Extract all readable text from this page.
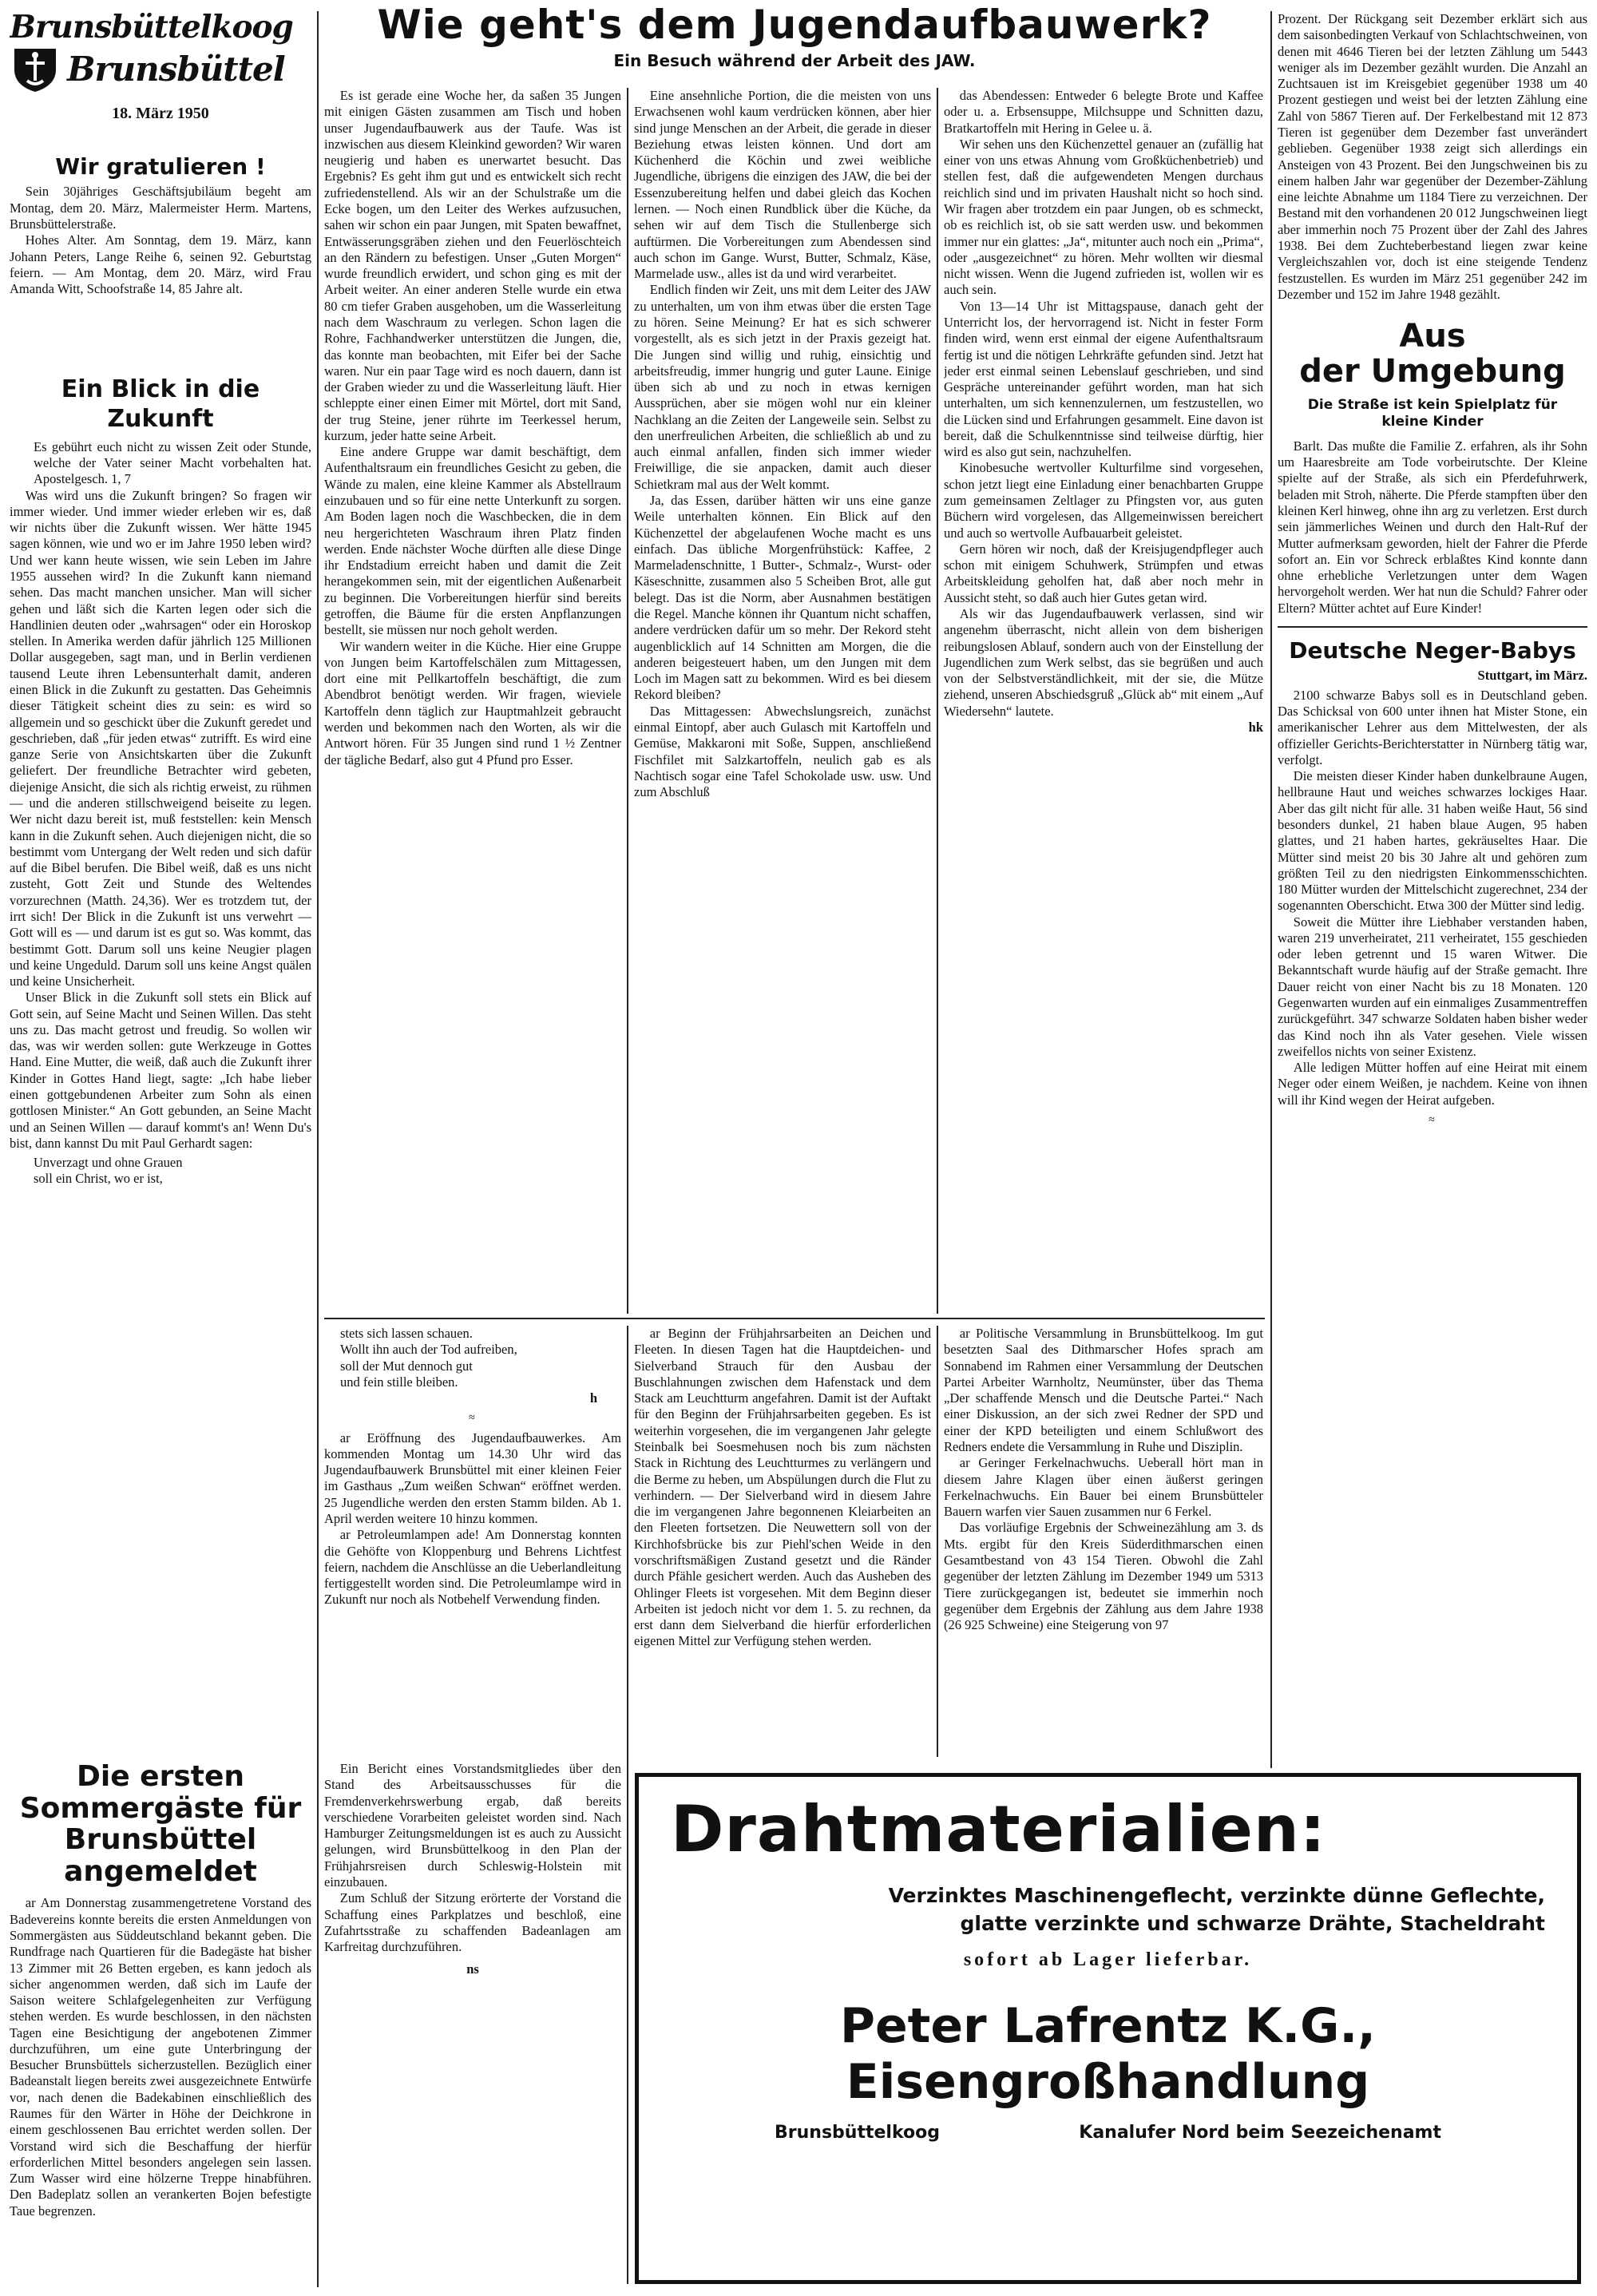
Brunsbüttelkoog
Brunsbüttel
18. März 1950
Wir gratulieren !

Sein 30jähriges Geschäftsjubiläum begeht am Montag, dem 20. März, Malermeister Herm. Martens, Brunsbüttelerstraße.

Hohes Alter. Am Sonntag, dem 19. März, kann Johann Peters, Lange Reihe 6, seinen 92. Geburtstag feiern. — Am Montag, dem 20. März, wird Frau Amanda Witt, Schoofstraße 14, 85 Jahre alt.

Ein Blick in die Zukunft

Es gebührt euch nicht zu wissen Zeit oder Stunde, welche der Vater seiner Macht vorbehalten hat. Apostelgesch. 1, 7

Was wird uns die Zukunft bringen? So fragen wir immer wieder. Und immer wieder erleben wir es, daß wir nichts über die Zukunft wissen. Wer hätte 1945 sagen können, wie und wo er im Jahre 1950 leben wird? Und wer kann heute wissen, wie sein Leben im Jahre 1955 aussehen wird? In die Zukunft kann niemand sehen. Das macht manchen unsicher. Man will sicher gehen und läßt sich die Karten legen oder sich die Handlinien deuten oder „wahrsagen“ oder ein Horoskop stellen. In Amerika werden dafür jährlich 125 Millionen Dollar ausgegeben, sagt man, und in Berlin verdienen tausend Leute ihren Lebensunterhalt damit, anderen einen Blick in die Zukunft zu gestatten. Das Geheimnis dieser Tätigkeit scheint dies zu sein: es wird so allgemein und so geschickt über die Zukunft geredet und geschrieben, daß „für jeden etwas“ zutrifft. Es wird eine ganze Serie von Ansichtskarten über die Zukunft geliefert. Der freundliche Betrachter wird gebeten, diejenige Ansicht, die sich als richtig erweist, zu rühmen — und die anderen stillschweigend beiseite zu legen. Wer nicht dazu bereit ist, muß feststellen: kein Mensch kann in die Zukunft sehen. Auch diejenigen nicht, die so bestimmt vom Untergang der Welt reden und sich dafür auf die Bibel berufen. Die Bibel weiß, daß es uns nicht zusteht, Gott Zeit und Stunde des Weltendes vorzurechnen (Matth. 24,36). Wer es trotzdem tut, der irrt sich! Der Blick in die Zukunft ist uns verwehrt — Gott will es — und darum ist es gut so. Was kommt, das bestimmt Gott. Darum soll uns keine Neugier plagen und keine Ungeduld. Darum soll uns keine Angst quälen und keine Unsicherheit.

Unser Blick in die Zukunft soll stets ein Blick auf Gott sein, auf Seine Macht und Seinen Willen. Das steht uns zu. Das macht getrost und freudig. So wollen wir das, was wir werden sollen: gute Werkzeuge in Gottes Hand. Eine Mutter, die weiß, daß auch die Zukunft ihrer Kinder in Gottes Hand liegt, sagte: „Ich habe lieber einen gottgebundenen Arbeiter zum Sohn als einen gottlosen Minister.“ An Gott gebunden, an Seine Macht und an Seinen Willen — darauf kommt's an! Wenn Du's bist, dann kannst Du mit Paul Gerhardt sagen:

Unverzagt und ohne Grauen
soll ein Christ, wo er ist,
Die ersten Sommergäste für Brunsbüttel angemeldet

ar Am Donnerstag zusammengetretene Vorstand des Badevereins konnte bereits die ersten Anmeldungen von Sommergästen aus Süddeutschland bekannt geben. Die Rundfrage nach Quartieren für die Badegäste hat bisher 13 Zimmer mit 26 Betten ergeben, es kann jedoch als sicher angenommen werden, daß sich im Laufe der Saison weitere Schlafgelegenheiten zur Verfügung stehen werden. Es wurde beschlossen, in den nächsten Tagen eine Besichtigung der angebotenen Zimmer durchzuführen, um eine gute Unterbringung der Besucher Brunsbüttels sicherzustellen. Bezüglich einer Badeanstalt liegen bereits zwei ausgezeichnete Entwürfe vor, nach denen die Badekabinen einschließlich des Raumes für den Wärter in Höhe der Deichkrone in einem geschlossenen Bau errichtet werden sollen. Der Vorstand wird sich die Beschaffung der hierfür erforderlichen Mittel besonders angelegen sein lassen. Zum Wasser wird eine hölzerne Treppe hinabführen. Den Badeplatz sollen an verankerten Bojen befestigte Taue begrenzen.

Wie geht's dem Jugendaufbauwerk?
Ein Besuch während der Arbeit des JAW.

Es ist gerade eine Woche her, da saßen 35 Jungen mit einigen Gästen zusammen am Tisch und hoben unser Jugendaufbauwerk aus der Taufe. Was ist inzwischen aus diesem Kleinkind geworden? Wir waren neugierig und haben es unerwartet besucht. Das Ergebnis? Es geht ihm gut und es entwickelt sich recht zufriedenstellend. Als wir an der Schulstraße um die Ecke bogen, um den Leiter des Werkes aufzusuchen, sahen wir schon ein paar Jungen, mit Spaten bewaffnet, Entwässerungsgräben ziehen und den Feuerlöschteich an den Rändern zu befestigen. Unser „Guten Morgen“ wurde freundlich erwidert, und schon ging es mit der Arbeit weiter. An einer anderen Stelle wurde ein etwa 80 cm tiefer Graben ausgehoben, um die Wasserleitung nach dem Waschraum zu verlegen. Schon lagen die Rohre, Fachhandwerker unterstützen die Jungen, die, das konnte man beobachten, mit Eifer bei der Sache waren. Nur ein paar Tage wird es noch dauern, dann ist der Graben wieder zu und die Wasserleitung läuft. Hier schleppte einer einen Eimer mit Mörtel, dort mit Sand, der trug Steine, jener rührte im Teerkessel herum, kurzum, jeder hatte seine Arbeit.

Eine andere Gruppe war damit beschäftigt, dem Aufenthaltsraum ein freundliches Gesicht zu geben, die Wände zu malen, eine kleine Kammer als Abstellraum einzubauen und so für eine nette Unterkunft zu sorgen. Am Boden lagen noch die Waschbecken, die in dem neu hergerichteten Waschraum ihren Platz finden werden. Ende nächster Woche dürften alle diese Dinge ihr Endstadium erreicht haben und damit die Zeit herangekommen sein, mit der eigentlichen Außenarbeit zu beginnen. Die Vorbereitungen hierfür sind bereits getroffen, die Bäume für die ersten Anpflanzungen bestellt, sie müssen nur noch geholt werden.

Wir wandern weiter in die Küche. Hier eine Gruppe von Jungen beim Kartoffelschälen zum Mittagessen, dort eine mit Pellkartoffeln beschäftigt, die zum Abendbrot benötigt werden. Wir fragen, wieviele Kartoffeln denn täglich zur Hauptmahlzeit gebraucht werden und bekommen nach den Worten, als wir die Antwort hören. Für 35 Jungen sind rund 1 ½ Zentner der tägliche Bedarf, also gut 4 Pfund pro Esser.

Eine ansehnliche Portion, die die meisten von uns Erwachsenen wohl kaum verdrücken können, aber hier sind junge Menschen an der Arbeit, die gerade in dieser Beziehung etwas leisten können. Und dort am Küchenherd die Köchin und zwei weibliche Jugendliche, übrigens die einzigen des JAW, die bei der Essenzubereitung helfen und dabei gleich das Kochen lernen. — Noch einen Rundblick über die Küche, da sehen wir auf dem Tisch die Stullenberge sich auftürmen. Die Vorbereitungen zum Abendessen sind auch schon im Gange. Wurst, Butter, Schmalz, Käse, Marmelade usw., alles ist da und wird verarbeitet.

Endlich finden wir Zeit, uns mit dem Leiter des JAW zu unterhalten, um von ihm etwas über die ersten Tage zu hören. Seine Meinung? Er hat es sich schwerer vorgestellt, als es sich jetzt in der Praxis gezeigt hat. Die Jungen sind willig und ruhig, einsichtig und arbeitsfreudig, immer hungrig und guter Laune. Einige üben sich ab und zu noch in etwas kernigen Aussprüchen, aber sie mögen wohl nur ein kleiner Nachklang an die Zeiten der Langeweile sein. Selbst zu den unerfreulichen Arbeiten, die schließlich ab und zu auch einmal anfallen, finden sich immer wieder Freiwillige, die sie anpacken, damit auch dieser Schietkram mal aus der Welt kommt.

Ja, das Essen, darüber hätten wir uns eine ganze Weile unterhalten können. Ein Blick auf den Küchenzettel der abgelaufenen Woche macht es uns einfach. Das übliche Morgenfrühstück: Kaffee, 2 Marmeladenschnitte, 1 Butter-, Schmalz-, Wurst- oder Käseschnitte, zusammen also 5 Scheiben Brot, alle gut belegt. Das ist die Norm, aber Ausnahmen bestätigen die Regel. Manche können ihr Quantum nicht schaffen, andere verdrücken dafür um so mehr. Der Rekord steht augenblicklich auf 14 Schnitten am Morgen, die die anderen beigesteuert haben, um den Jungen mit dem Loch im Magen satt zu bekommen. Wird es bei diesem Rekord bleiben?

Das Mittagessen: Abwechslungsreich, zunächst einmal Eintopf, aber auch Gulasch mit Kartoffeln und Gemüse, Makkaroni mit Soße, Suppen, anschließend Fischfilet mit Salzkartoffeln, neulich gab es als Nachtisch sogar eine Tafel Schokolade usw. usw. Und zum Abschluß

das Abendessen: Entweder 6 belegte Brote und Kaffee oder u. a. Erbsensuppe, Milchsuppe und Schnitten dazu, Bratkartoffeln mit Hering in Gelee u. ä.

Wir sehen uns den Küchenzettel genauer an (zufällig hat einer von uns etwas Ahnung vom Großküchenbetrieb) und stellen fest, daß die aufgewendeten Mengen durchaus reichlich sind und im privaten Haushalt nicht so hoch sind. Wir fragen aber trotzdem ein paar Jungen, ob es schmeckt, ob es reichlich ist, ob sie satt werden usw. und bekommen immer nur ein glattes: „Ja“, mitunter auch noch ein „Prima“, oder „ausgezeichnet“ zu hören. Mehr wollten wir diesmal nicht wissen. Wenn die Jugend zufrieden ist, wollen wir es auch sein.

Von 13—14 Uhr ist Mittagspause, danach geht der Unterricht los, der hervorragend ist. Nicht in fester Form finden wird, wenn erst einmal der eigene Aufenthaltsraum fertig ist und die nötigen Lehrkräfte gefunden sind. Jetzt hat jeder erst einmal seinen Lebenslauf geschrieben, und sind Gespräche untereinander geführt worden, man hat sich unterhalten, um sich kennenzulernen, um festzustellen, wo die Lücken sind und Erfahrungen gesammelt. Eine davon ist bereit, daß die Schulkenntnisse sind teilweise dürftig, hier wird es also gut sein, nachzuhelfen.

Kinobesuche wertvoller Kulturfilme sind vorgesehen, schon jetzt liegt eine Einladung einer benachbarten Gruppe zum gemeinsamen Zeltlager zu Pfingsten vor, aus guten Büchern wird vorgelesen, das Allgemeinwissen bereichert und auch so wertvolle Aufbauarbeit geleistet.

Gern hören wir noch, daß der Kreisjugendpfleger auch schon mit einigem Schuhwerk, Strümpfen und etwas Arbeitskleidung geholfen hat, daß aber noch mehr in Aussicht steht, so daß auch hier Gutes getan wird.

Als wir das Jugendaufbauwerk verlassen, sind wir angenehm überrascht, nicht allein von dem bisherigen reibungslosen Ablauf, sondern auch von der Einstellung der Jugendlichen zum Werk selbst, das sie begrüßen und auch von der Selbstverständlichkeit, mit der sie, die Mütze ziehend, unseren Abschiedsgruß „Glück ab“ mit einem „Auf Wiedersehn“ lautete.

hk
stets sich lassen schauen.
Wollt ihn auch der Tod aufreiben,
soll der Mut dennoch gut
und fein stille bleiben.
h
≈

ar Eröffnung des Jugendaufbauwerkes. Am kommenden Montag um 14.30 Uhr wird das Jugendaufbauwerk Brunsbüttel mit einer kleinen Feier im Gasthaus „Zum weißen Schwan“ eröffnet werden. 25 Jugendliche werden den ersten Stamm bilden. Ab 1. April werden weitere 10 hinzu kommen.

ar Petroleumlampen ade! Am Donnerstag konnten die Gehöfte von Kloppenburg und Behrens Lichtfest feiern, nachdem die Anschlüsse an die Ueberlandleitung fertiggestellt worden sind. Die Petroleumlampe wird in Zukunft nur noch als Notbehelf Verwendung finden.

Ein Bericht eines Vorstandsmitgliedes über den Stand des Arbeitsausschusses für die Fremdenverkehrswerbung ergab, daß bereits verschiedene Vorarbeiten geleistet worden sind. Nach Hamburger Zeitungsmeldungen ist es auch zu Aussicht gelungen, wird Brunsbüttelkoog in den Plan der Frühjahrsreisen durch Schleswig-Holstein mit einzubauen.

Zum Schluß der Sitzung erörterte der Vorstand die Schaffung eines Parkplatzes und beschloß, eine Zufahrtsstraße zu schaffenden Badeanlagen am Karfreitag durchzuführen.

ns

ar Beginn der Frühjahrsarbeiten an Deichen und Fleeten. In diesen Tagen hat die Hauptdeichen- und Sielverband Strauch für den Ausbau der Buschlahnungen zwischen dem Hafenstack und dem Stack am Leuchtturm angefahren. Damit ist der Auftakt für den Beginn der Frühjahrsarbeiten gegeben. Es ist weiterhin vorgesehen, die im vergangenen Jahr gelegte Steinbalk bei Soesmehusen noch bis zum nächsten Stack in Richtung des Leuchtturmes zu verlängern und die Berme zu heben, um Abspülungen durch die Flut zu verhindern. — Der Sielverband wird in diesem Jahre die im vergangenen Jahre begonnenen Kleiarbeiten an den Fleeten fortsetzen. Die Neuwettern soll von der Kirchhofsbrücke bis zur Piehl'schen Weide in den vorschriftsmäßigen Zustand gesetzt und die Ränder durch Pfähle gesichert werden. Auch das Ausheben des Ohlinger Fleets ist vorgesehen. Mit dem Beginn dieser Arbeiten ist jedoch nicht vor dem 1. 5. zu rechnen, da erst dann dem Sielverband die hierfür erforderlichen eigenen Mittel zur Verfügung stehen werden.

ar Politische Versammlung in Brunsbüttelkoog. Im gut besetzten Saal des Dithmarscher Hofes sprach am Sonnabend im Rahmen einer Versammlung der Deutschen Partei Arbeiter Warnholtz, Neumünster, über das Thema „Der schaffende Mensch und die Deutsche Partei.“ Nach einer Diskussion, an der sich zwei Redner der SPD und einer der KPD beteiligten und einem Schlußwort des Redners endete die Versammlung in Ruhe und Disziplin.

ar Geringer Ferkelnachwuchs. Ueberall hört man in diesem Jahre Klagen über einen äußerst geringen Ferkelnachwuchs. Ein Bauer bei einem Brunsbütteler Bauern warfen vier Sauen zusammen nur 6 Ferkel.

Das vorläufige Ergebnis der Schweinezählung am 3. ds Mts. ergibt für den Kreis Süderdithmarschen einen Gesamtbestand von 43 154 Tieren. Obwohl die Zahl gegenüber der letzten Zählung im Dezember 1949 um 5313 Tiere zurückgegangen ist, bedeutet sie immerhin noch gegenüber dem Ergebnis der Zählung aus dem Jahre 1938 (26 925 Schweine) eine Steigerung von 97

Prozent. Der Rückgang seit Dezember erklärt sich aus dem saisonbedingten Verkauf von Schlachtschweinen, von denen mit 4646 Tieren bei der letzten Zählung um 5443 weniger als im Dezember gezählt wurden. Die Anzahl an Zuchtsauen ist im Kreisgebiet gegenüber 1938 um 40 Prozent gestiegen und weist bei der letzten Zählung eine Zahl von 5867 Tieren auf. Der Ferkelbestand mit 12 873 Tieren ist gegenüber dem Dezember fast unverändert geblieben. Gegenüber 1938 zeigt sich allerdings ein Ansteigen von 43 Prozent. Bei den Jungschweinen bis zu einem halben Jahr war gegenüber der Dezember-Zählung eine leichte Abnahme um 1184 Tiere zu verzeichnen. Der Bestand mit den vorhandenen 20 012 Jungschweinen liegt aber immerhin noch 75 Prozent über der Zahl des Jahres 1938. Bei dem Zuchteberbestand liegen zwar keine Vergleichszahlen vor, doch ist eine steigende Tendenz festzustellen. Es wurden im März 251 gegenüber 242 im Dezember und 152 im Jahre 1948 gezählt.

Aus
der Umgebung
Die Straße ist kein Spielplatz für kleine Kinder

Barlt. Das mußte die Familie Z. erfahren, als ihr Sohn um Haaresbreite am Tode vorbeirutschte. Der Kleine spielte auf der Straße, als sich ein Pferdefuhrwerk, beladen mit Stroh, näherte. Die Pferde stampften über den kleinen Kerl hinweg, ohne ihn arg zu verletzen. Erst durch sein jämmerliches Weinen und durch den Halt-Ruf der Mutter aufmerksam geworden, hielt der Fahrer die Pferde sofort an. Ein vor Schreck erblaßtes Kind konnte dann ohne erhebliche Verletzungen unter dem Wagen hervorgeholt werden. Wer hat nun die Schuld? Fahrer oder Eltern? Mütter achtet auf Eure Kinder!

Deutsche Neger-Babys
Stuttgart, im März.

2100 schwarze Babys soll es in Deutschland geben. Das Schicksal von 600 unter ihnen hat Mister Stone, ein amerikanischer Lehrer aus dem Mittelwesten, der als offizieller Gerichts-Berichterstatter in Nürnberg tätig war, verfolgt.

Die meisten dieser Kinder haben dunkelbraune Augen, hellbraune Haut und weiches schwarzes lockiges Haar. Aber das gilt nicht für alle. 31 haben weiße Haut, 56 sind besonders dunkel, 21 haben blaue Augen, 95 haben glattes, und 21 haben hartes, gekräuseltes Haar. Die Mütter sind meist 20 bis 30 Jahre alt und gehören zum größten Teil zu den niedrigsten Einkommensschichten. 180 Mütter wurden der Mittelschicht zugerechnet, 234 der sogenannten Oberschicht. Etwa 300 der Mütter sind ledig.

Soweit die Mütter ihre Liebhaber verstanden haben, waren 219 unverheiratet, 211 verheiratet, 155 geschieden oder leben getrennt und 15 waren Witwer. Die Bekanntschaft wurde häufig auf der Straße gemacht. Ihre Dauer reicht von einer Nacht bis zu 18 Monaten. 120 Gegenwarten wurden auf ein einmaliges Zusammentreffen zurückgeführt. 347 schwarze Soldaten haben bisher weder das Kind noch ihn als Vater gesehen. Viele wissen zweifellos nichts von seiner Existenz.

Alle ledigen Mütter hoffen auf eine Heirat mit einem Neger oder einem Weißen, je nachdem. Keine von ihnen will ihr Kind wegen der Heirat aufgeben.

≈
Drahtmaterialien:
Verzinktes Maschinengeflecht, verzinkte dünne Geflechte,
glatte verzinkte und schwarze Drähte, Stacheldraht
sofort ab Lager lieferbar.
Peter Lafrentz K.G., Eisengroßhandlung
Brunsbüttelkoog	Kanalufer Nord beim Seezeichenamt
